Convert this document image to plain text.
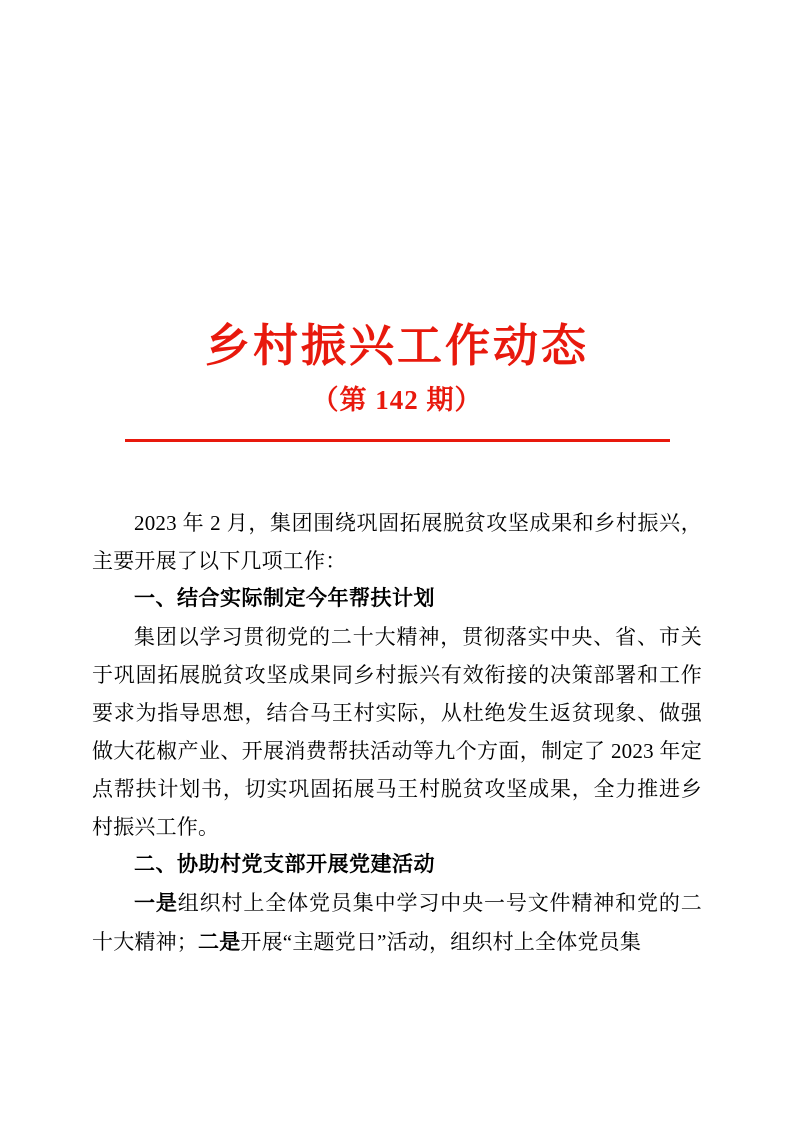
乡村振兴工作动态
（第 142 期）

2023 年 2 月，集团围绕巩固拓展脱贫攻坚成果和乡村振兴，主要开展了以下几项工作：

一、结合实际制定今年帮扶计划

集团以学习贯彻党的二十大精神，贯彻落实中央、省、市关于巩固拓展脱贫攻坚成果同乡村振兴有效衔接的决策部署和工作要求为指导思想，结合马王村实际，从杜绝发生返贫现象、做强做大花椒产业、开展消费帮扶活动等九个方面，制定了 2023 年定点帮扶计划书，切实巩固拓展马王村脱贫攻坚成果，全力推进乡村振兴工作。

二、协助村党支部开展党建活动

一是组织村上全体党员集中学习中央一号文件精神和党的二十大精神；二是开展“主题党日”活动，组织村上全体党员集
